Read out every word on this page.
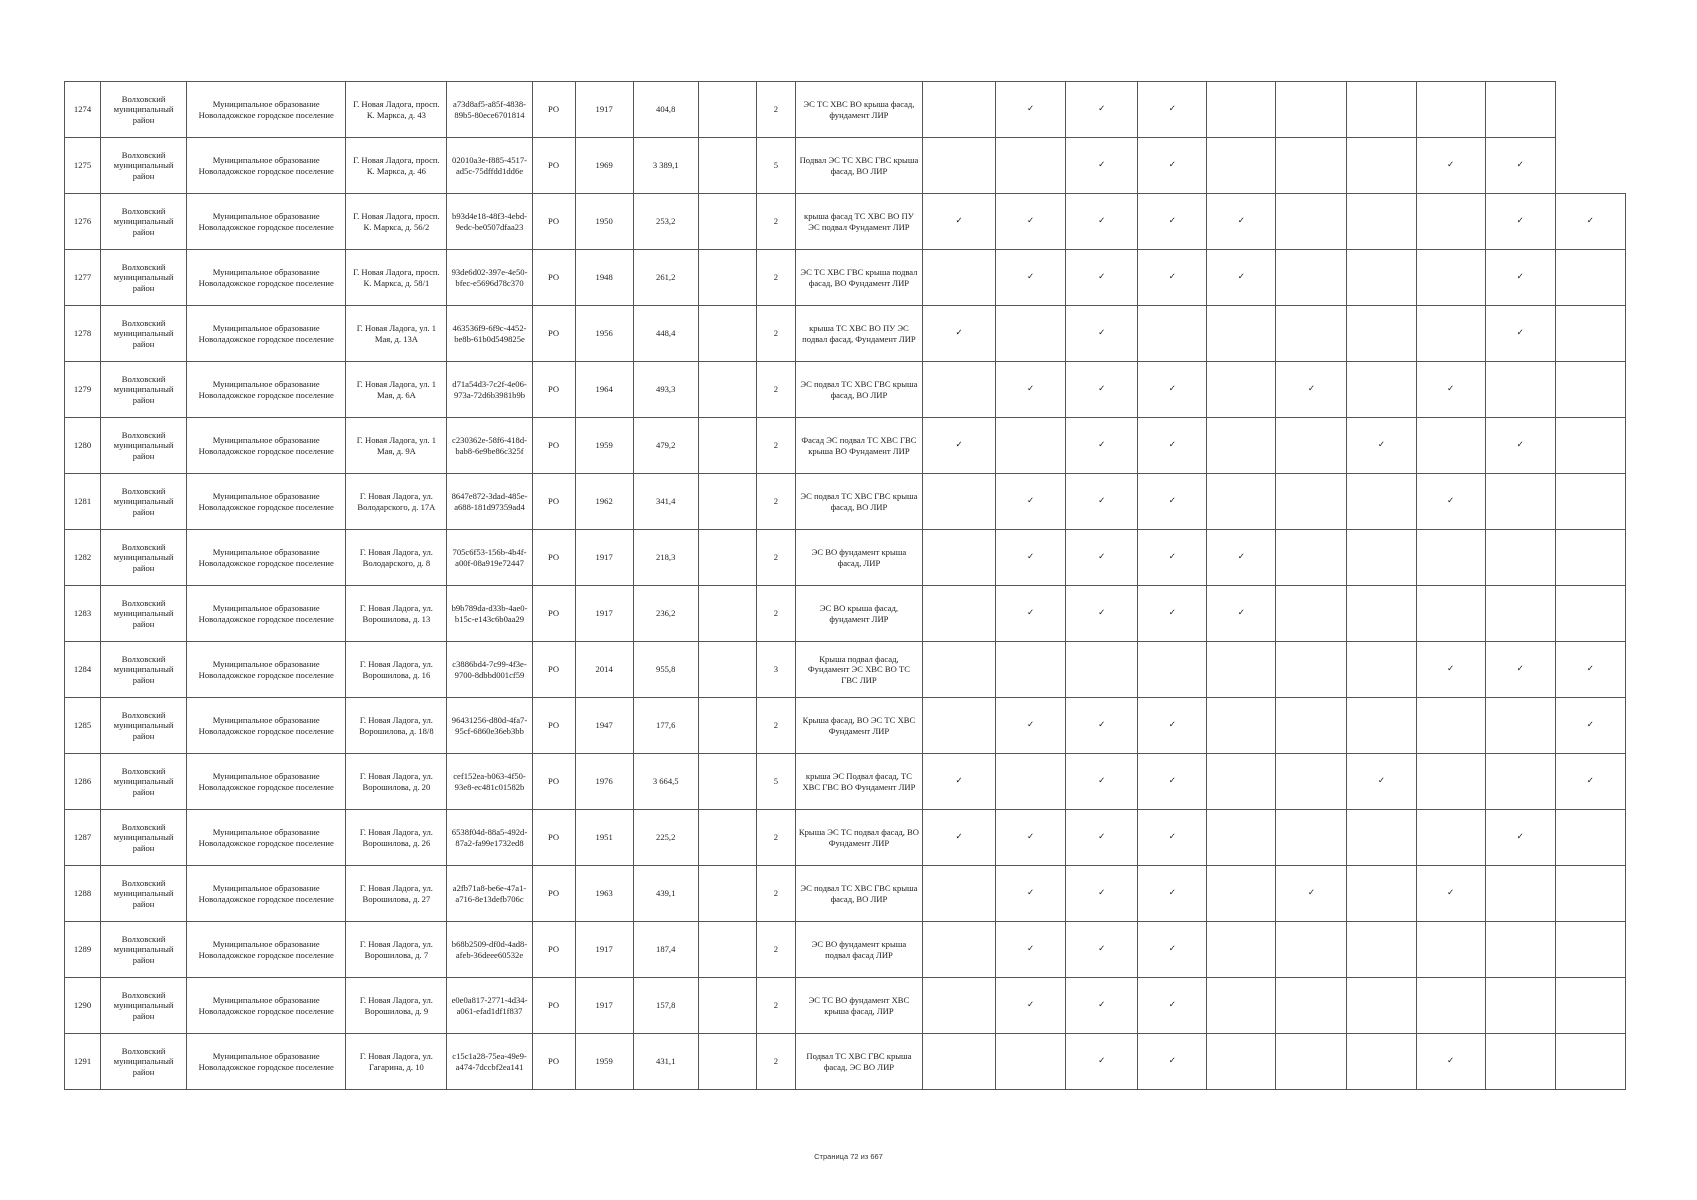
1274	Волховский муниципальный район	Муниципальное образование Новоладожское городское поселение	Г. Новая Ладога, просп. К. Маркса, д. 43	a73d8af5-a85f-4838-89b5-80ece6701814	РО	1917	404,8		2	ЭС ТС ХВС ВО крыша фасад, фундамент ЛИР		✓	✓	✓						
1275	Волховский муниципальный район	Муниципальное образование Новоладожское городское поселение	Г. Новая Ладога, просп. К. Маркса, д. 46	02010a3e-f885-4517-ad5c-75dffdd1dd6e	РО	1969	3 389,1		5	Подвал ЭС ТС ХВС ГВС крыша фасад, ВО ЛИР			✓	✓				✓	✓	
1276	Волховский муниципальный район	Муниципальное образование Новоладожское городское поселение	Г. Новая Ладога, просп. К. Маркса, д. 56/2	b93d4e18-48f3-4ebd-9edc-be0507dfaa23	РО	1950	253,2		2	крыша фасад ТС ХВС ВО ПУ ЭС подвал Фундамент ЛИР	✓	✓	✓	✓	✓				✓	✓
1277	Волховский муниципальный район	Муниципальное образование Новоладожское городское поселение	Г. Новая Ладога, просп. К. Маркса, д. 58/1	93de6d02-397e-4e50-bfec-e5696d78c370	РО	1948	261,2		2	ЭС ТС ХВС ГВС крыша подвал фасад, ВО Фундамент ЛИР		✓	✓	✓	✓				✓	
1278	Волховский муниципальный район	Муниципальное образование Новоладожское городское поселение	Г. Новая Ладога, ул. 1 Мая, д. 13А	463536f9-6f9c-4452-be8b-61b0d549825e	РО	1956	448,4		2	крыша ТС ХВС ВО ПУ ЭС подвал фасад, Фундамент ЛИР	✓		✓						✓	
1279	Волховский муниципальный район	Муниципальное образование Новоладожское городское поселение	Г. Новая Ладога, ул. 1 Мая, д. 6А	d71a54d3-7c2f-4e06-973a-72d6b3981b9b	РО	1964	493,3		2	ЭС подвал ТС ХВС ГВС крыша фасад, ВО ЛИР		✓	✓	✓		✓		✓		
1280	Волховский муниципальный район	Муниципальное образование Новоладожское городское поселение	Г. Новая Ладога, ул. 1 Мая, д. 9А	c230362e-58f6-418d-bab8-6e9be86c325f	РО	1959	479,2		2	Фасад ЭС подвал ТС ХВС ГВС крыша ВО Фундамент ЛИР	✓		✓	✓			✓		✓	
1281	Волховский муниципальный район	Муниципальное образование Новоладожское городское поселение	Г. Новая Ладога, ул. Володарского, д. 17А	8647e872-3dad-485e-a688-181d97359ad4	РО	1962	341,4		2	ЭС подвал ТС ХВС ГВС крыша фасад, ВО ЛИР		✓	✓	✓				✓		
1282	Волховский муниципальный район	Муниципальное образование Новоладожское городское поселение	Г. Новая Ладога, ул. Володарского, д. 8	705c6f53-156b-4b4f-a00f-08a919e72447	РО	1917	218,3		2	ЭС ВО фундамент крыша фасад, ЛИР		✓	✓	✓	✓					
1283	Волховский муниципальный район	Муниципальное образование Новоладожское городское поселение	Г. Новая Ладога, ул. Ворошилова, д. 13	b9b789da-d33b-4ae0-b15c-e143c6b0aa29	РО	1917	236,2		2	ЭС ВО крыша фасад, фундамент ЛИР		✓	✓	✓	✓					
1284	Волховский муниципальный район	Муниципальное образование Новоладожское городское поселение	Г. Новая Ладога, ул. Ворошилова, д. 16	c3886bd4-7c99-4f3e-9700-8dbbd001cf59	РО	2014	955,8		3	Крыша подвал фасад, Фундамент ЭС ХВС ВО ТС ГВС ЛИР								✓	✓	✓
1285	Волховский муниципальный район	Муниципальное образование Новоладожское городское поселение	Г. Новая Ладога, ул. Ворошилова, д. 18/8	96431256-d80d-4fa7-95cf-6860e36eb3bb	РО	1947	177,6		2	Крыша фасад, ВО ЭС ТС ХВС Фундамент ЛИР		✓	✓	✓						✓
1286	Волховский муниципальный район	Муниципальное образование Новоладожское городское поселение	Г. Новая Ладога, ул. Ворошилова, д. 20	cef152ea-b063-4f50-93e8-ec481c01582b	РО	1976	3 664,5		5	крыша ЭС Подвал фасад, ТС ХВС ГВС ВО Фундамент ЛИР	✓		✓	✓			✓			✓
1287	Волховский муниципальный район	Муниципальное образование Новоладожское городское поселение	Г. Новая Ладога, ул. Ворошилова, д. 26	6538f04d-88a5-492d-87a2-fa99e1732ed8	РО	1951	225,2		2	Крыша ЭС ТС подвал фасад, ВО Фундамент ЛИР	✓	✓	✓	✓					✓	
1288	Волховский муниципальный район	Муниципальное образование Новоладожское городское поселение	Г. Новая Ладога, ул. Ворошилова, д. 27	a2fb71a8-be6e-47a1-a716-8e13defb706c	РО	1963	439,1		2	ЭС подвал ТС ХВС ГВС крыша фасад, ВО ЛИР		✓	✓	✓		✓		✓		
1289	Волховский муниципальный район	Муниципальное образование Новоладожское городское поселение	Г. Новая Ладога, ул. Ворошилова, д. 7	b68b2509-df0d-4ad8-afeb-36deee60532e	РО	1917	187,4		2	ЭС ВО фундамент крыша подвал фасад ЛИР		✓	✓	✓						
1290	Волховский муниципальный район	Муниципальное образование Новоладожское городское поселение	Г. Новая Ладога, ул. Ворошилова, д. 9	e0e0a817-2771-4d34-a061-efad1df1f837	РО	1917	157,8		2	ЭС ТС ВО фундамент ХВС крыша фасад, ЛИР		✓	✓	✓						
1291	Волховский муниципальный район	Муниципальное образование Новоладожское городское поселение	Г. Новая Ладога, ул. Гагарина, д. 10	c15c1a28-75ea-49e9-a474-7dccbf2ea141	РО	1959	431,1		2	Подвал ТС ХВС ГВС крыша фасад, ЭС ВО ЛИР			✓	✓				✓		
Страница 72 из 667
